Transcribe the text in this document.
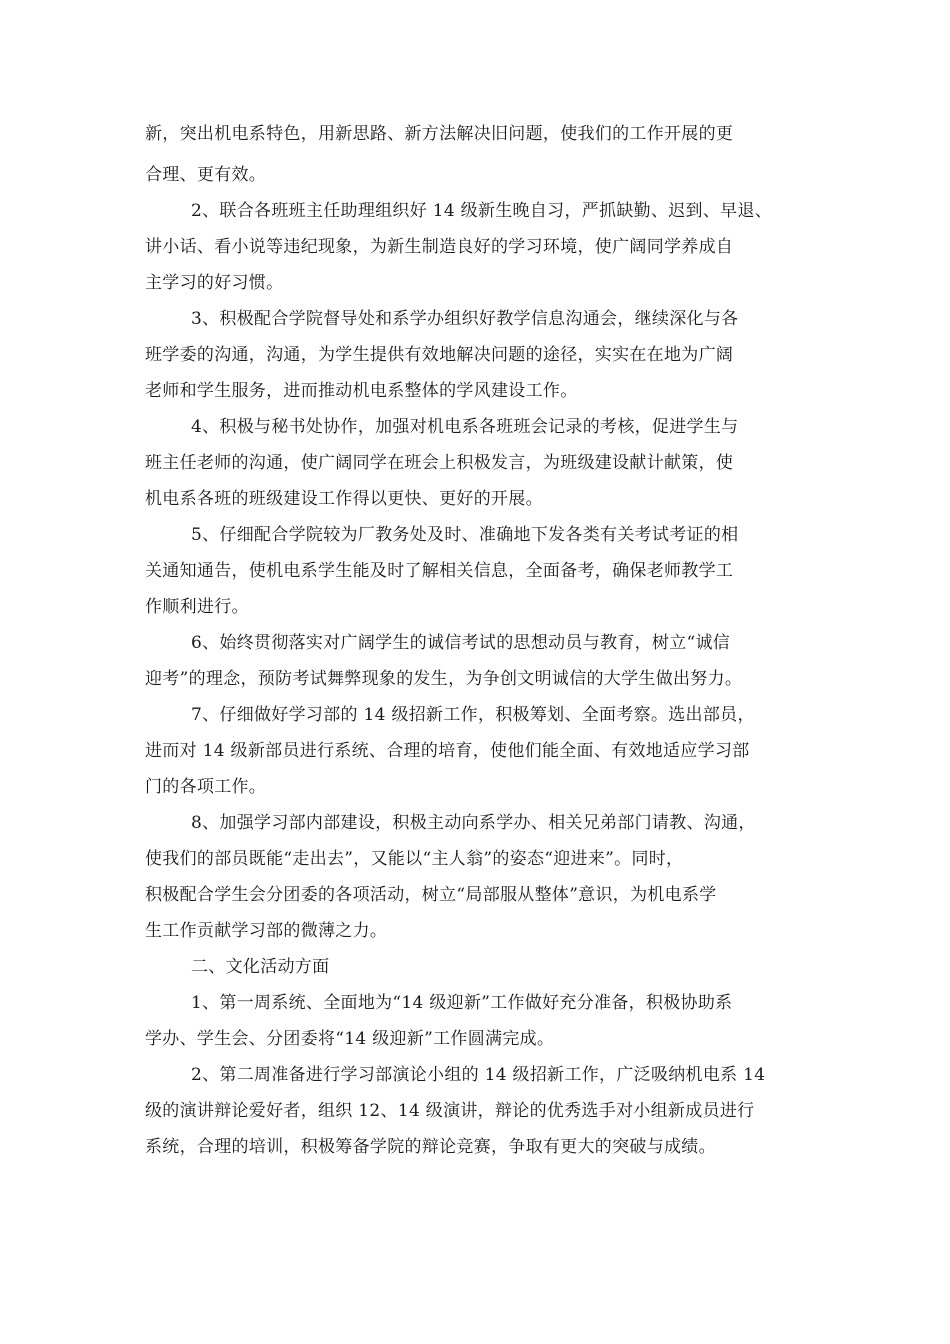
新，突出机电系特色，用新思路、新方法解决旧问题，使我们的工作开展的更
合理、更有效。
2、联合各班班主任助理组织好 14 级新生晚自习，严抓缺勤、迟到、早退、
讲小话、看小说等违纪现象，为新生制造良好的学习环境，使广阔同学养成自
主学习的好习惯。
3、积极配合学院督导处和系学办组织好教学信息沟通会，继续深化与各
班学委的沟通，沟通，为学生提供有效地解决问题的途径，实实在在地为广阔
老师和学生服务，进而推动机电系整体的学风建设工作。
4、积极与秘书处协作，加强对机电系各班班会记录的考核，促进学生与
班主任老师的沟通，使广阔同学在班会上积极发言，为班级建设献计献策，使
机电系各班的班级建设工作得以更快、更好的开展。
5、仔细配合学院较为厂教务处及时、准确地下发各类有关考试考证的相
关通知通告，使机电系学生能及时了解相关信息，全面备考，确保老师教学工
作顺利进行。
6、始终贯彻落实对广阔学生的诚信考试的思想动员与教育，树立“诚信
迎考”的理念，预防考试舞弊现象的发生，为争创文明诚信的大学生做出努力。
7、仔细做好学习部的 14 级招新工作，积极筹划、全面考察。选出部员，
进而对 14 级新部员进行系统、合理的培育，使他们能全面、有效地适应学习部
门的各项工作。
8、加强学习部内部建设，积极主动向系学办、相关兄弟部门请教、沟通，
使我们的部员既能“走出去”，又能以“主人翁”的姿态“迎进来”。同时，
积极配合学生会分团委的各项活动，树立“局部服从整体”意识，为机电系学
生工作贡献学习部的微薄之力。
二、文化活动方面
1、第一周系统、全面地为“14 级迎新”工作做好充分准备，积极协助系
学办、学生会、分团委将“14 级迎新”工作圆满完成。
2、第二周准备进行学习部演论小组的 14 级招新工作，广泛吸纳机电系 14
级的演讲辩论爱好者，组织 12、14 级演讲，辩论的优秀选手对小组新成员进行
系统，合理的培训，积极筹备学院的辩论竞赛，争取有更大的突破与成绩。
